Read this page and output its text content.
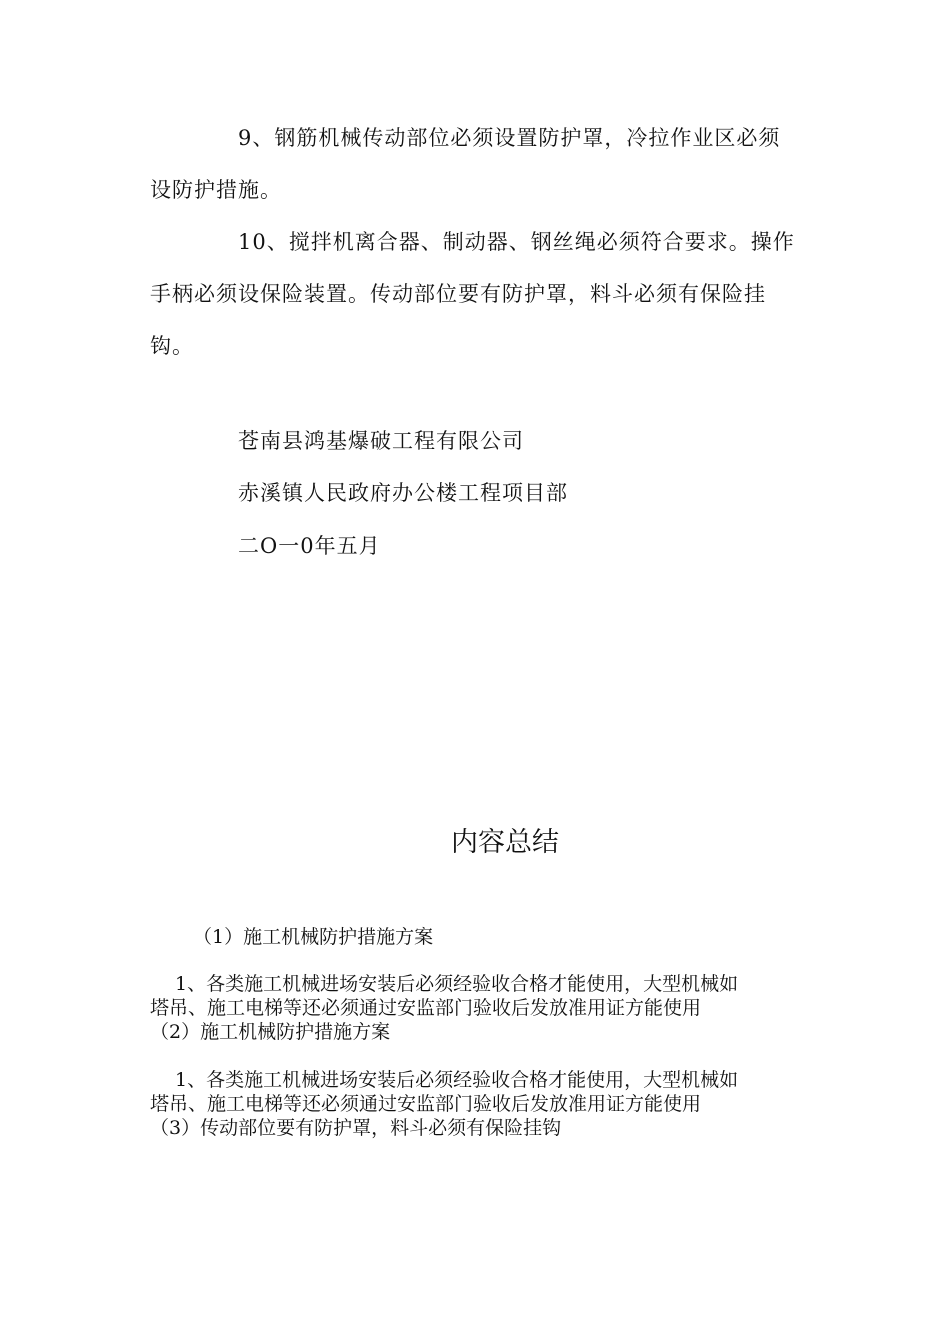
9、钢筋机械传动部位必须设置防护罩，冷拉作业区必须设防护措施。

10、搅拌机离合器、制动器、钢丝绳必须符合要求。操作手柄必须设保险装置。传动部位要有防护罩，料斗必须有保险挂钩。

苍南县鸿基爆破工程有限公司

赤溪镇人民政府办公楼工程项目部

二O一0年五月

内容总结

（1）施工机械防护措施方案

1、各类施工机械进场安装后必须经验收合格才能使用，大型机械如

塔吊、施工电梯等还必须通过安监部门验收后发放准用证方能使用

（2）施工机械防护措施方案

1、各类施工机械进场安装后必须经验收合格才能使用，大型机械如

塔吊、施工电梯等还必须通过安监部门验收后发放准用证方能使用

（3）传动部位要有防护罩，料斗必须有保险挂钩
